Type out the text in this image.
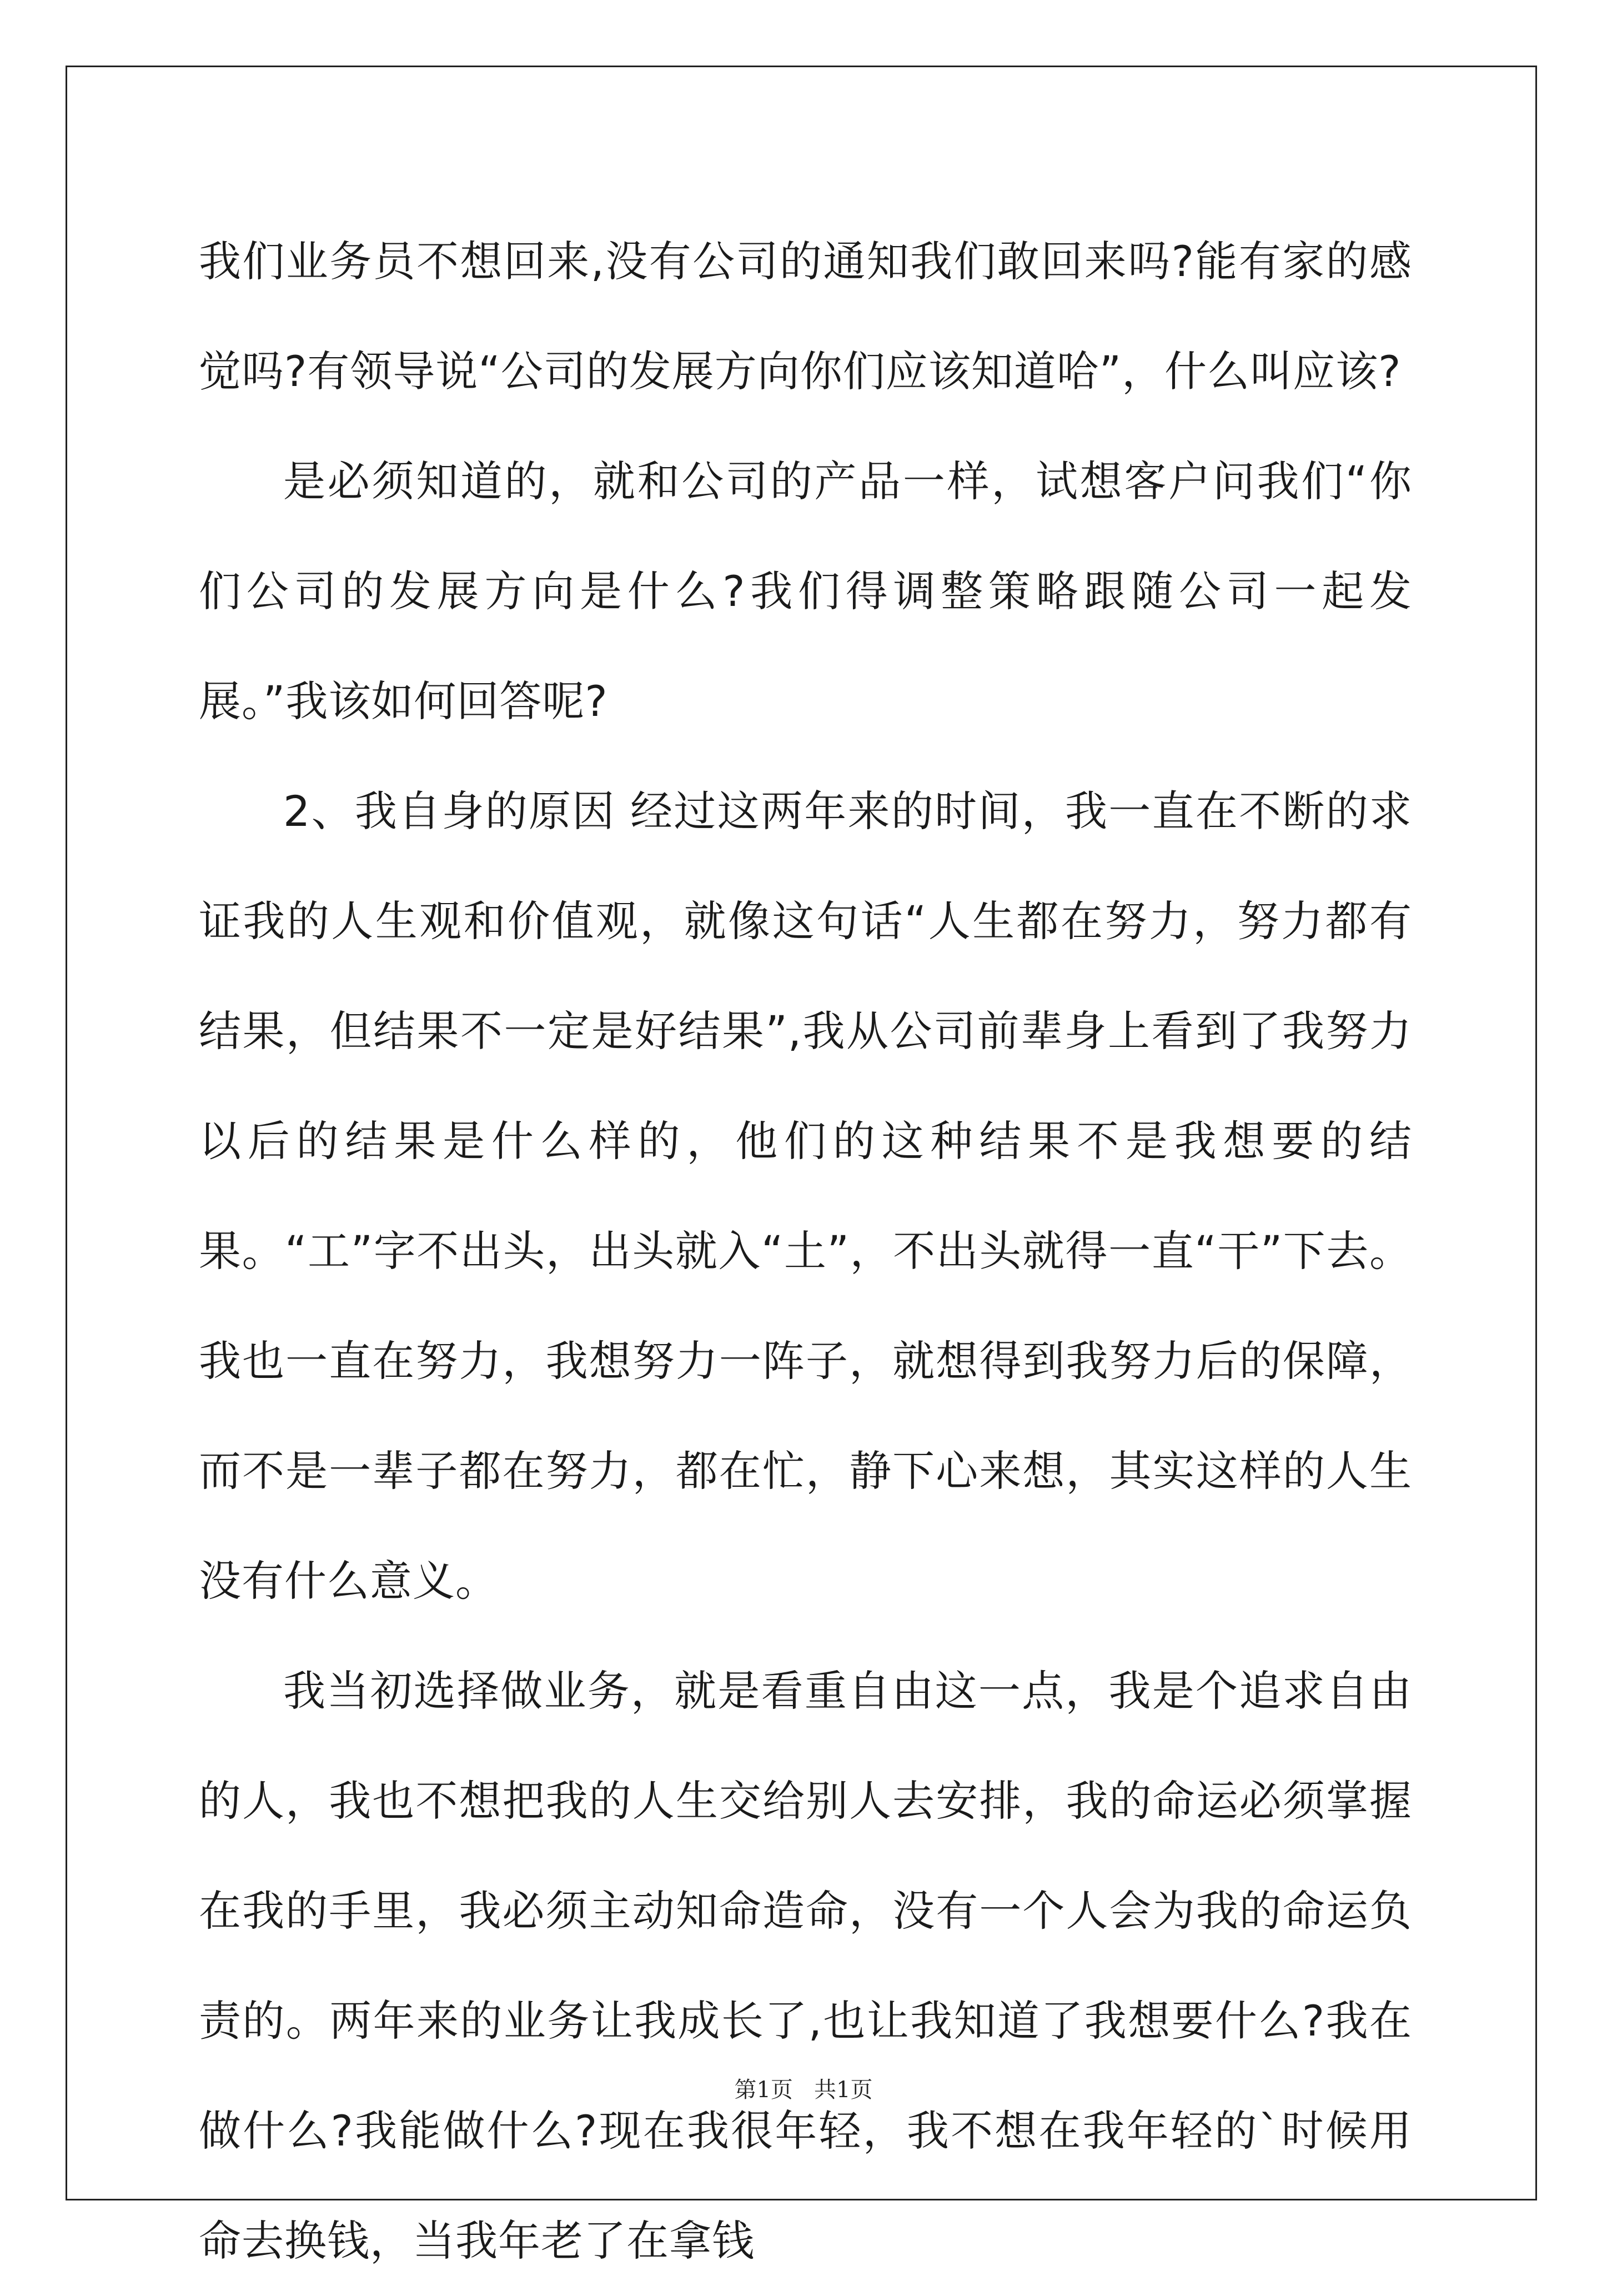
我们业务员不想回来,没有公司的通知我们敢回来吗?能有家的感觉吗?有领导说“公司的发展方向你们应该知道哈”，什么叫应该?

是必须知道的，就和公司的产品一样，试想客户问我们“你们公司的发展方向是什么?我们得调整策略跟随公司一起发展。”我该如何回答呢?

2、我自身的原因 经过这两年来的时间，我一直在不断的求证我的人生观和价值观，就像这句话“人生都在努力，努力都有结果，但结果不一定是好结果”,我从公司前辈身上看到了我努力以后的结果是什么样的，他们的这种结果不是我想要的结果。“工”字不出头，出头就入“土”，不出头就得一直“干”下去。我也一直在努力，我想努力一阵子，就想得到我努力后的保障，而不是一辈子都在努力，都在忙，静下心来想，其实这样的人生没有什么意义。

我当初选择做业务，就是看重自由这一点，我是个追求自由的人，我也不想把我的人生交给别人去安排，我的命运必须掌握在我的手里，我必须主动知命造命，没有一个人会为我的命运负责的。两年来的业务让我成长了,也让我知道了我想要什么?我在做什么?我能做什么?现在我很年轻，我不想在我年轻的`时候用命去换钱，当我年老了在拿钱

第1页   共1页
